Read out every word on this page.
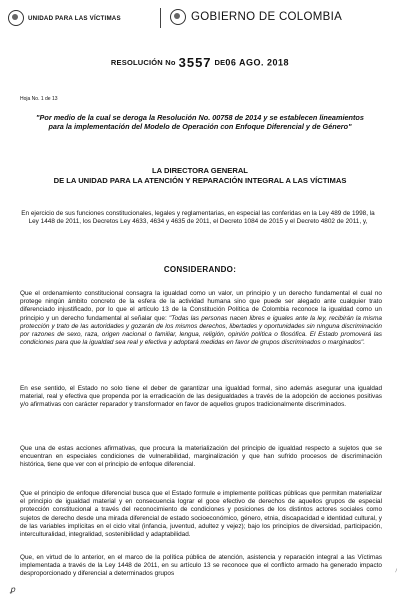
UNIDAD PARA LAS VÍCTIMAS	GOBIERNO DE COLOMBIA
RESOLUCIÓN No 3557 DE 06 AGO. 2018
Hoja No. 1 de 13
"Por medio de la cual se deroga la Resolución No. 00758 de 2014 y se establecen lineamientos para la implementación del Modelo de Operación con Enfoque Diferencial y de Género"
LA DIRECTORA GENERAL
DE LA UNIDAD PARA LA ATENCIÓN Y REPARACIÓN INTEGRAL A LAS VÍCTIMAS
En ejercicio de sus funciones constitucionales, legales y reglamentarias, en especial las conferidas en la Ley 489 de 1998, la Ley 1448 de 2011, los Decretos Ley 4633, 4634 y 4635 de 2011, el Decreto 1084 de 2015 y el Decreto 4802 de 2011, y,
CONSIDERANDO:
Que el ordenamiento constitucional consagra la igualdad como un valor, un principio y un derecho fundamental el cual no protege ningún ámbito concreto de la esfera de la actividad humana sino que puede ser alegado ante cualquier trato diferenciado injustificado, por lo que el artículo 13 de la Constitución Política de Colombia reconoce la igualdad como un principio y un derecho fundamental al señalar que: "Todas las personas nacen libres e iguales ante la ley, recibirán la misma protección y trato de las autoridades y gozarán de los mismos derechos, libertades y oportunidades sin ninguna discriminación por razones de sexo, raza, origen nacional o familiar, lengua, religión, opinión política o filosófica. El Estado promoverá las condiciones para que la igualdad sea real y efectiva y adoptará medidas en favor de grupos discriminados o marginados".
En ese sentido, el Estado no solo tiene el deber de garantizar una igualdad formal, sino además asegurar una igualdad material, real y efectiva que propenda por la erradicación de las desigualdades a través de la adopción de acciones positivas y/o afirmativas con carácter reparador y transformador en favor de aquellos grupos tradicionalmente discriminados.
Que una de estas acciones afirmativas, que procura la materialización del principio de igualdad respecto a sujetos que se encuentran en especiales condiciones de vulnerabilidad, marginalización y que han sufrido procesos de discriminación histórica, tiene que ver con el principio de enfoque diferencial.
Que el principio de enfoque diferencial busca que el Estado formule e implemente políticas públicas que permitan materializar el principio de igualdad material y en consecuencia lograr el goce efectivo de derechos de aquellos grupos de especial protección constitucional a través del reconocimiento de condiciones y posiciones de los distintos actores sociales como sujetos de derecho desde una mirada diferencial de estado socioeconómico, género, etnia, discapacidad e identidad cultural, y de las variables implícitas en el ciclo vital (infancia, juventud, adultez y vejez); bajo los principios de diversidad, participación, interculturalidad, integralidad, sostenibilidad y adaptabilidad.
Que, en virtud de lo anterior, en el marco de la política pública de atención, asistencia y reparación integral a las Víctimas implementada a través de la Ley 1448 de 2011, en su artículo 13 se reconoce que el conflicto armado ha generado impacto desproporcionado y diferencial a determinados grupos	/
ꝑ
